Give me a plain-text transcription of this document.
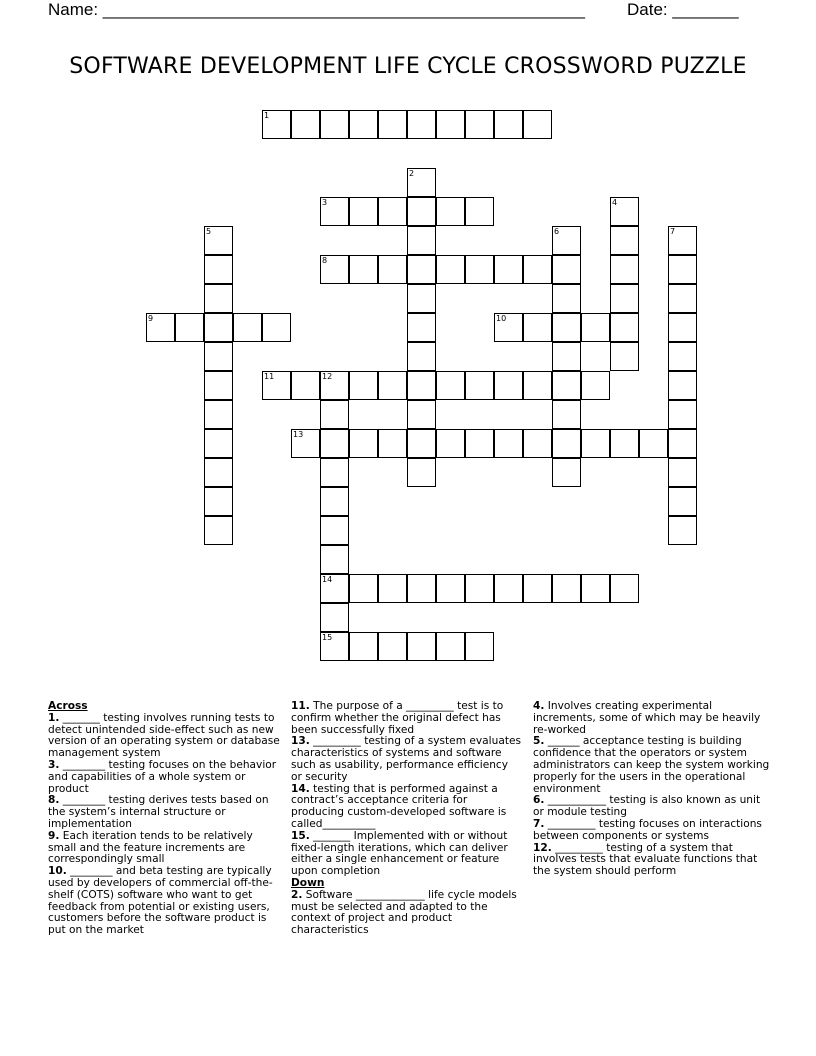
Name: ___________________________________________________ Date: _______
SOFTWARE DEVELOPMENT LIFE CYCLE CROSSWORD PUZZLE
1
2
3	4
5	6	7
8
9	10
11	12
14
15
13

Across

1. _______ testing involves running tests to detect unintended side-effect such as new version of an operating system or database management system

3. ________ testing focuses on the behavior and capabilities of a whole system or product

8. ________ testing derives tests based on the system’s internal structure or implementation

9. Each iteration tends to be relatively small and the feature increments are correspondingly small

10. ________ and beta testing are typically used by developers of commercial off-the-shelf (COTS) software who want to get feedback from potential or existing users, customers before the software product is put on the market

11. The purpose of a _________ test is to confirm whether the original defect has been successfully fixed

13. _________ testing of a system evaluates characteristics of systems and software such as usability, performance efficiency or security

14. testing that is performed against a contract’s acceptance criteria for producing custom-developed software is called__________

15. _______ Implemented with or without fixed-length iterations, which can deliver either a single enhancement or feature upon completion

Down

2. Software _____________ life cycle models must be selected and adapted to the context of project and product characteristics

4. Involves creating experimental increments, some of which may be heavily re-worked

5. ______ acceptance testing is building confidence that the operators or system administrators can keep the system working properly for the users in the operational environment

6. ___________ testing is also known as unit or module testing

7. _________ testing focuses on interactions between components or systems

12. _________ testing of a system that involves tests that evaluate functions that the system should perform
